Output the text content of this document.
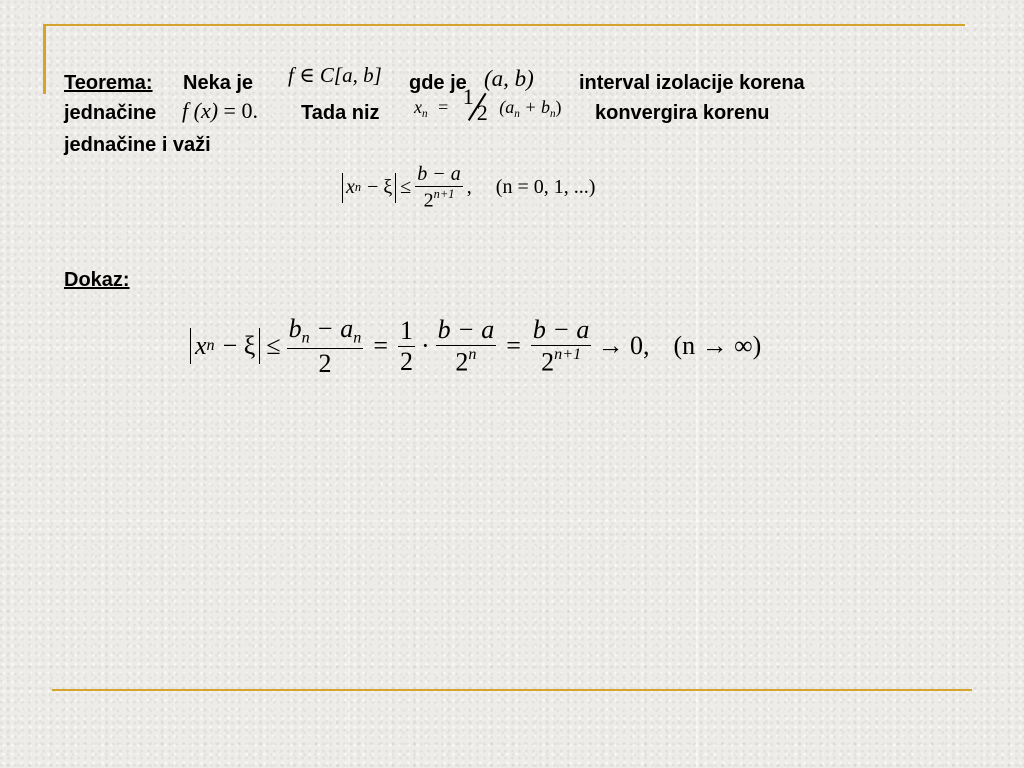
Teorema: Neka je f ∈ C[a, b] gde je (a, b) interval izolacije korena
jednačine f (x) = 0. Tada niz $x_n = 1$
2 $(a_n + b_n)$ konvergira korenu
jednačine i važi
x $n - \xi \le \frac{b - a}{2^{n+1}}$ , (n = 0, 1, ...)
Dokaz:
x $n - \xi \le \frac{b_n - a_n}{2} = \frac{1}{2} \cdot \frac{b - a}{2^n} = \frac{b - a}{2^{n+1}} \to 0$, (n → ∞)
